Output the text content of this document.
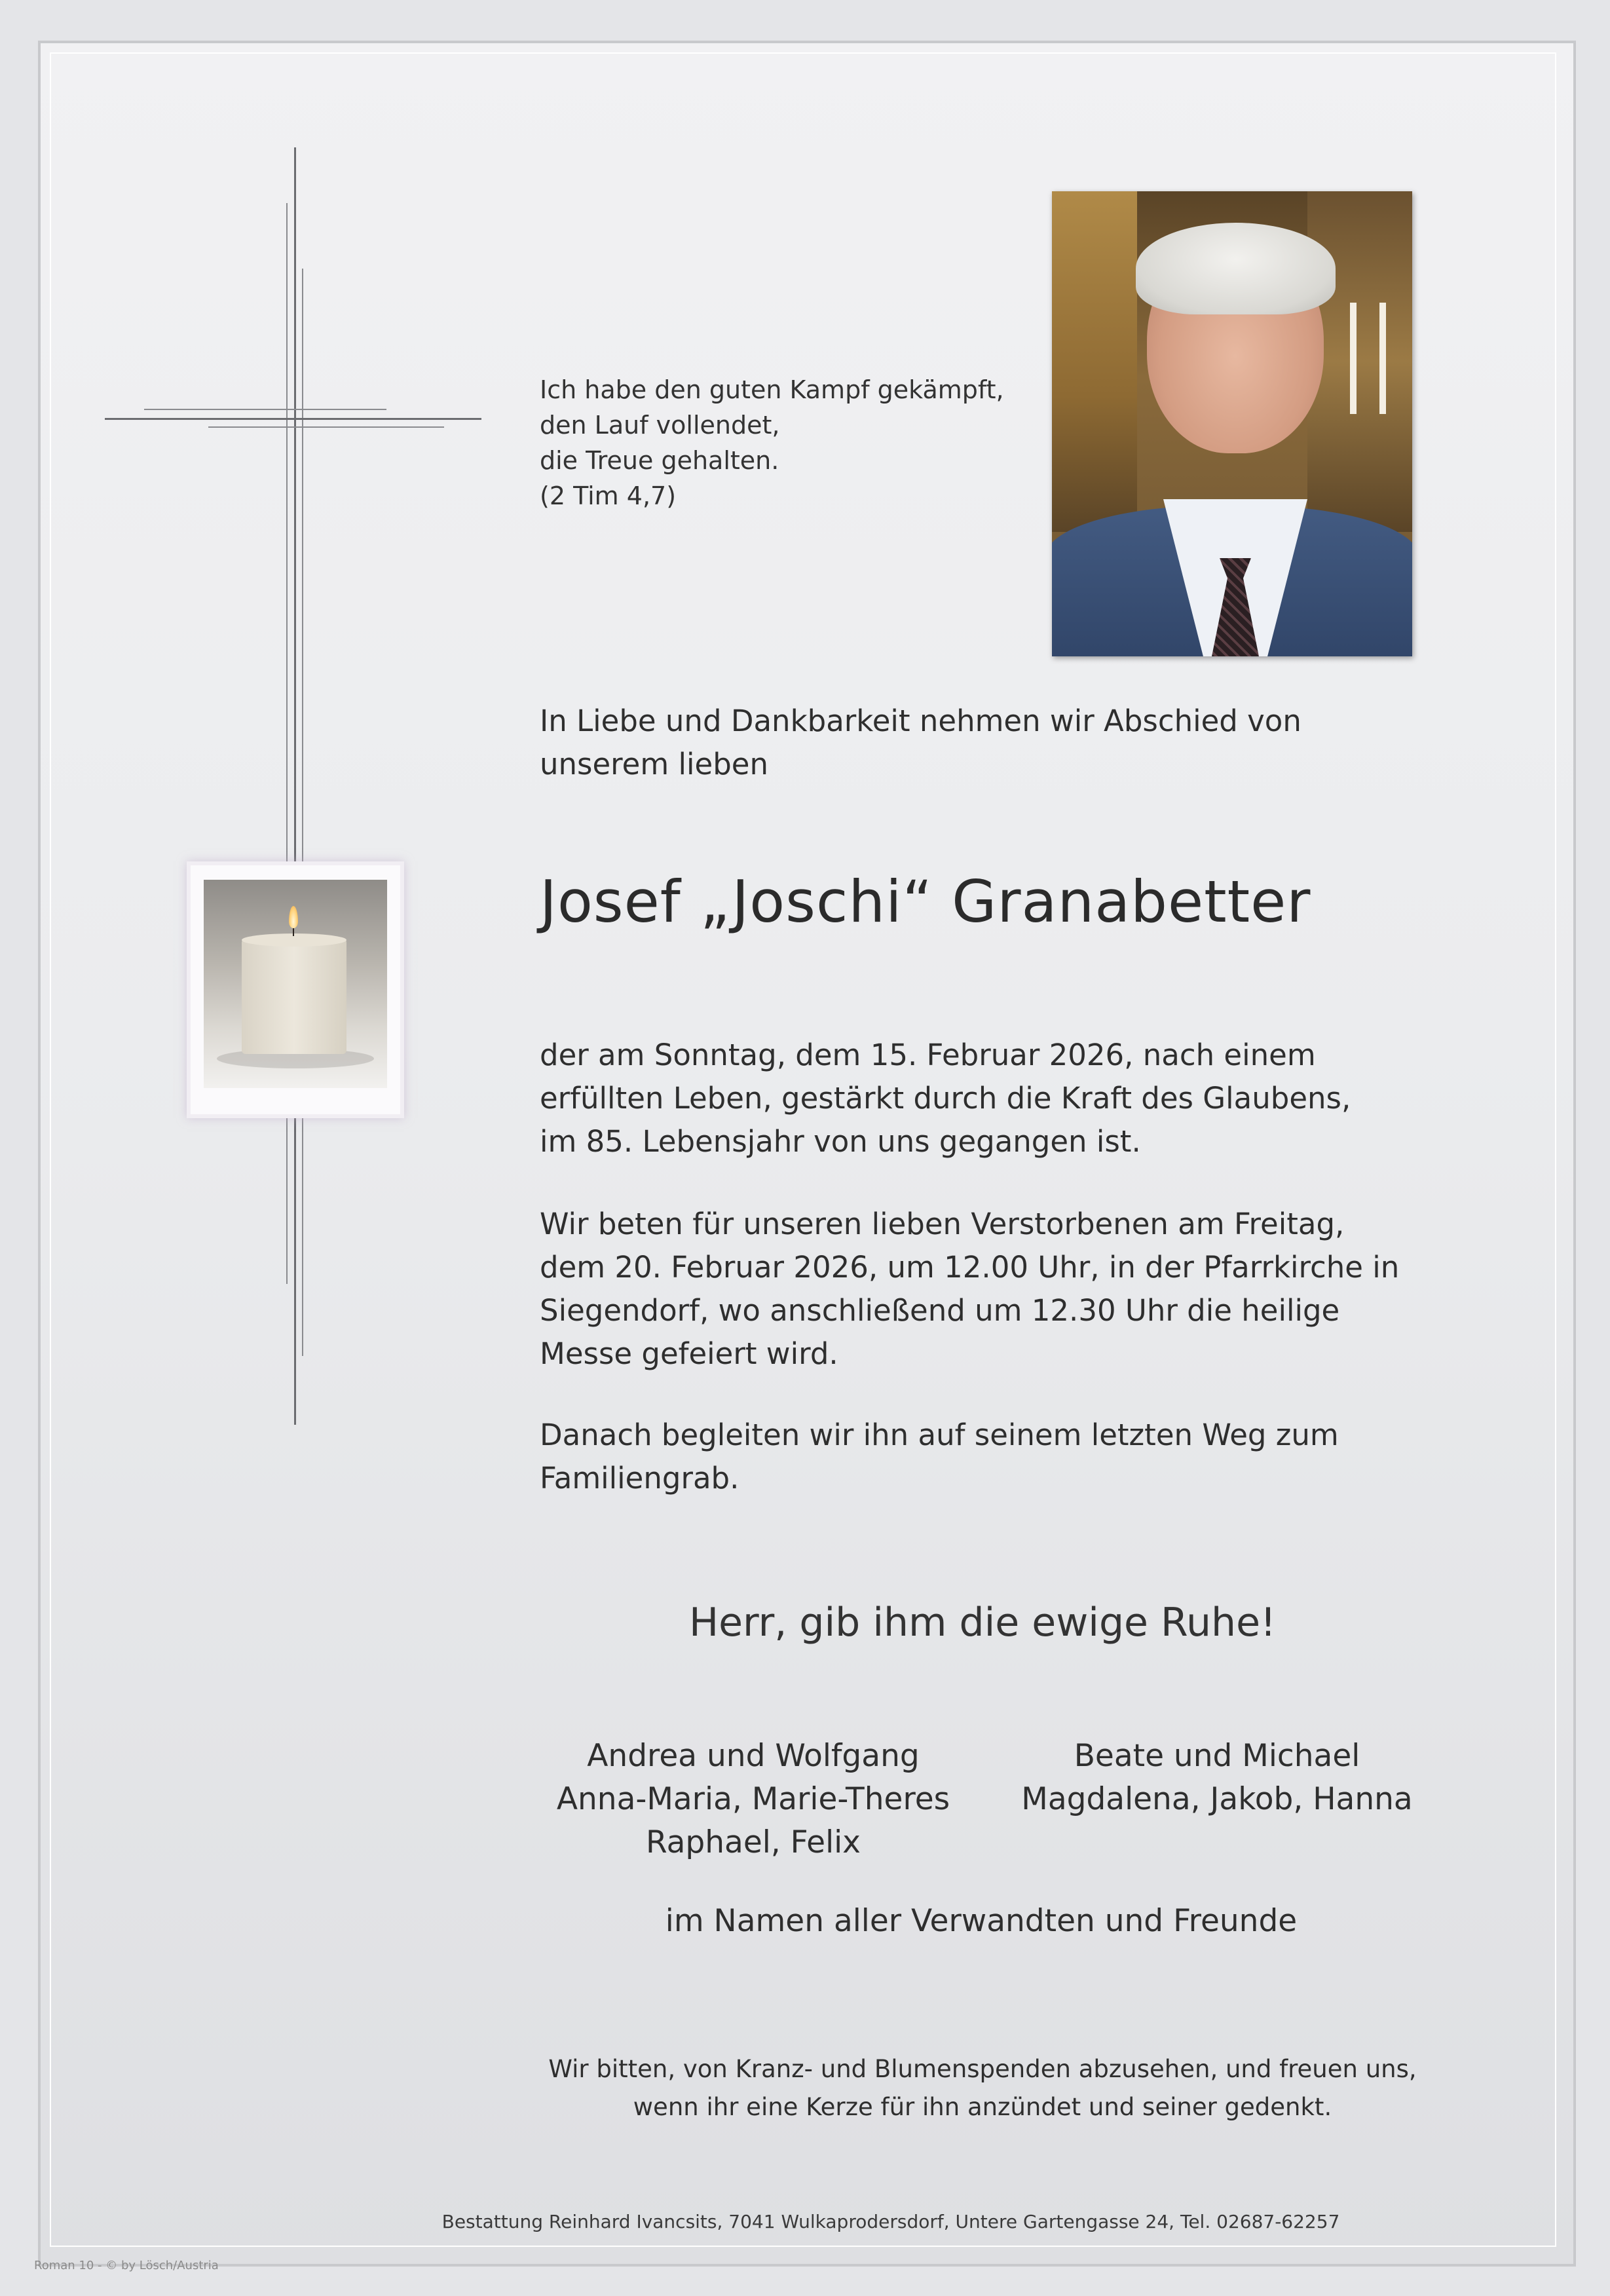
Ich habe den guten Kampf gekämpft,
den Lauf vollendet,
die Treue gehalten.
(2 Tim 4,7)
In Liebe und Dankbarkeit nehmen wir Abschied von
unserem lieben
Josef „Joschi“ Granabetter
der am Sonntag, dem 15. Februar 2026, nach einem
erfüllten Leben, gestärkt durch die Kraft des Glaubens,
im 85. Lebensjahr von uns gegangen ist.
Wir beten für unseren lieben Verstorbenen am Freitag,
dem 20. Februar 2026, um 12.00 Uhr, in der Pfarrkirche in
Siegendorf, wo anschließend um 12.30 Uhr die heilige
Messe gefeiert wird.
Danach begleiten wir ihn auf seinem letzten Weg zum
Familiengrab.
Herr, gib ihm die ewige Ruhe!
Andrea und Wolfgang
Anna-Maria, Marie-Theres
Raphael, Felix
Beate und Michael
Magdalena, Jakob, Hanna
im Namen aller Verwandten und Freunde
Wir bitten, von Kranz- und Blumenspenden abzusehen, und freuen uns,
wenn ihr eine Kerze für ihn anzündet und seiner gedenkt.
Bestattung Reinhard Ivancsits, 7041 Wulkaprodersdorf, Untere Gartengasse 24, Tel. 02687-62257
Roman 10 - © by Lösch/Austria
